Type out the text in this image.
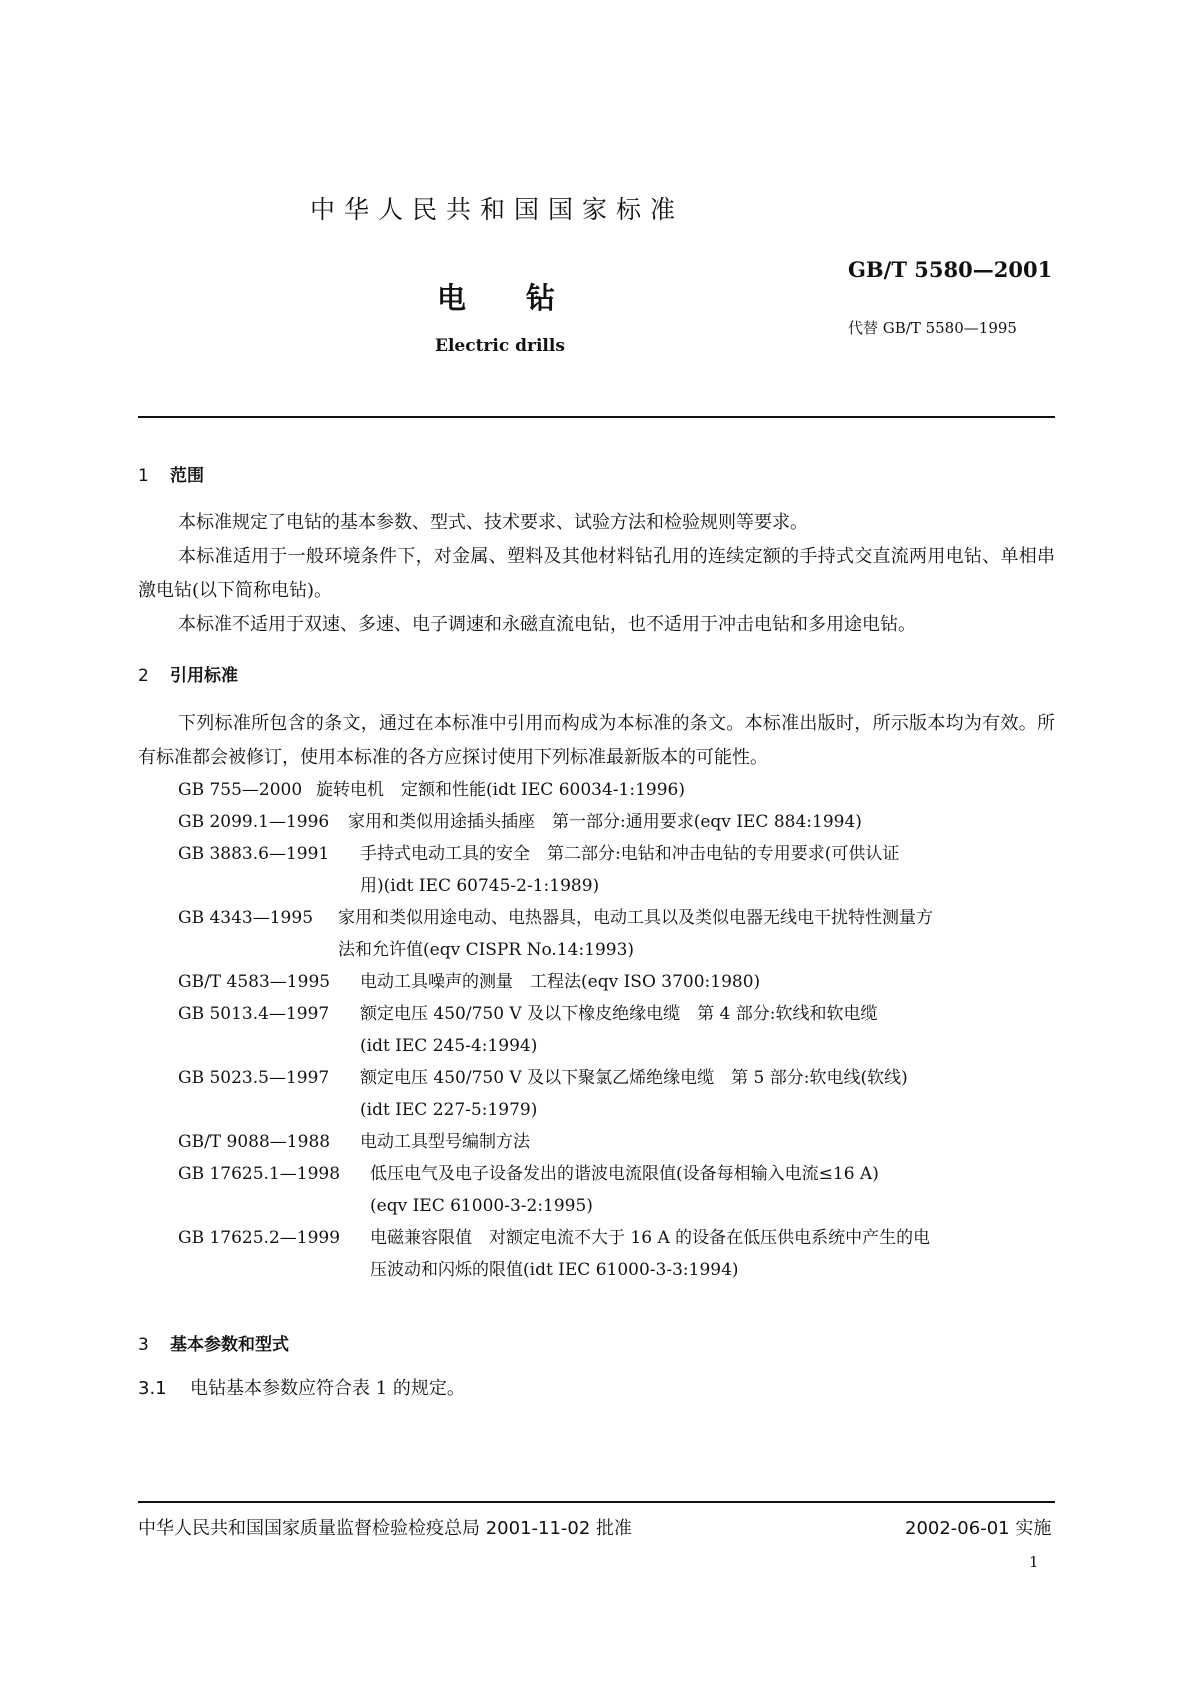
中华人民共和国国家标准
电钻
Electric drills
GB/T 5580—2001
代替 GB/T 5580—1995
1 范围
本标准规定了电钻的基本参数、型式、技术要求、试验方法和检验规则等要求。
本标准适用于一般环境条件下，对金属、塑料及其他材料钻孔用的连续定额的手持式交直流两用电钻、单相串激电钻(以下简称电钻)。
本标准不适用于双速、多速、电子调速和永磁直流电钻，也不适用于冲击电钻和多用途电钻。
2 引用标准
下列标准所包含的条文，通过在本标准中引用而构成为本标准的条文。本标准出版时，所示版本均为有效。所有标准都会被修订，使用本标准的各方应探讨使用下列标准最新版本的可能性。
GB 755—2000 旋转电机　定额和性能(idt IEC 60034-1:1996)
GB 2099.1—1996 家用和类似用途插头插座　第一部分:通用要求(eqv IEC 884:1994)
GB 3883.6—1991 手持式电动工具的安全　第二部分:电钻和冲击电钻的专用要求(可供认证
用)(idt IEC 60745-2-1:1989)
GB 4343—1995 家用和类似用途电动、电热器具，电动工具以及类似电器无线电干扰特性测量方
法和允许值(eqv CISPR No.14:1993)
GB/T 4583—1995 电动工具噪声的测量　工程法(eqv ISO 3700:1980)
GB 5013.4—1997 额定电压 450/750 V 及以下橡皮绝缘电缆　第 4 部分:软线和软电缆
(idt IEC 245-4:1994)
GB 5023.5—1997 额定电压 450/750 V 及以下聚氯乙烯绝缘电缆　第 5 部分:软电线(软线)
(idt IEC 227-5:1979)
GB/T 9088—1988 电动工具型号编制方法
GB 17625.1—1998 低压电气及电子设备发出的谐波电流限值(设备每相输入电流≤16 A)
(eqv IEC 61000-3-2:1995)
GB 17625.2—1999 电磁兼容限值　对额定电流不大于 16 A 的设备在低压供电系统中产生的电
压波动和闪烁的限值(idt IEC 61000-3-3:1994)
3 基本参数和型式
3.1 电钻基本参数应符合表 1 的规定。
中华人民共和国国家质量监督检验检疫总局 2001-11-02 批准	2002-06-01 实施
1
